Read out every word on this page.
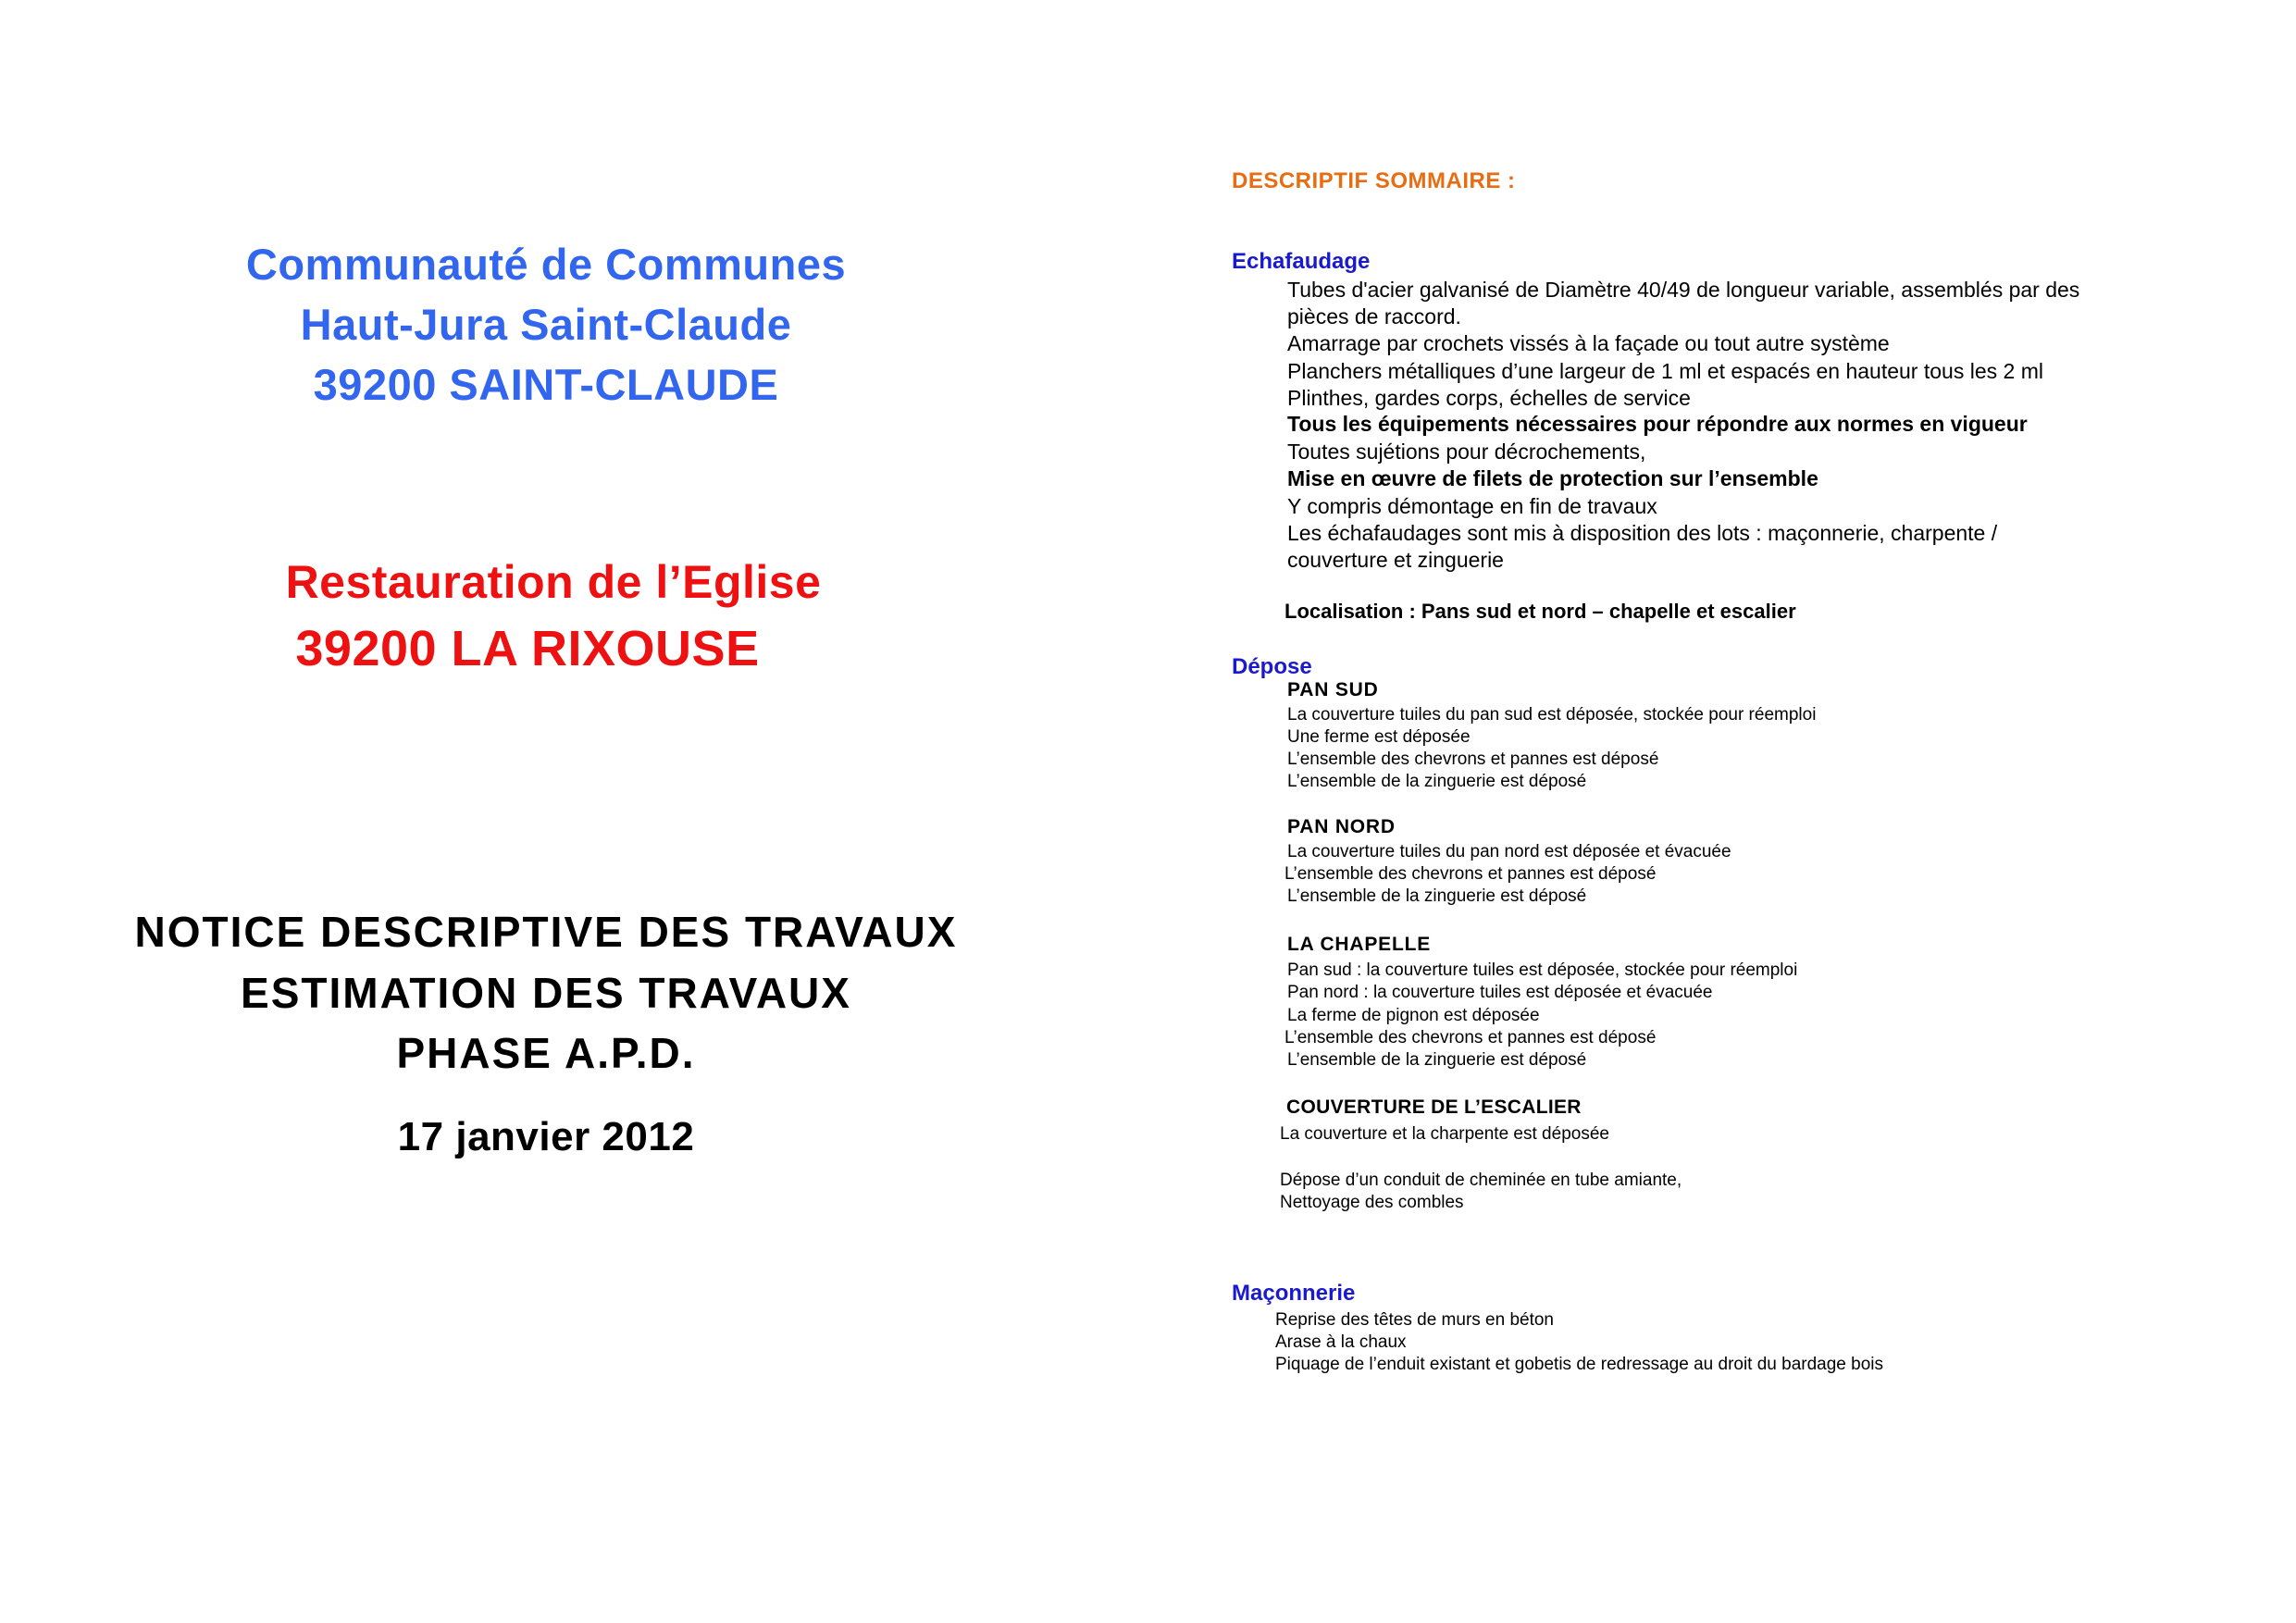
Communauté de Communes
Haut-Jura Saint-Claude
39200 SAINT-CLAUDE
Restauration de l’Eglise
39200 LA RIXOUSE
NOTICE DESCRIPTIVE DES TRAVAUX
ESTIMATION DES TRAVAUX
PHASE A.P.D.
17 janvier 2012
DESCRIPTIF SOMMAIRE :
Echafaudage
Tubes d'acier galvanisé de Diamètre 40/49 de longueur variable, assemblés par des
pièces de raccord.
Amarrage par crochets vissés à la façade ou tout autre système
Planchers métalliques d’une largeur de 1 ml et espacés en hauteur tous les 2 ml
Plinthes, gardes corps, échelles de service
Tous les équipements nécessaires pour répondre aux normes en vigueur
Toutes sujétions pour décrochements,
Mise en œuvre de filets de protection sur l’ensemble
Y compris démontage en fin de travaux
Les échafaudages sont mis à disposition des lots : maçonnerie, charpente /
couverture et zinguerie
Localisation : Pans sud et nord – chapelle et escalier
Dépose
PAN SUD
La couverture tuiles du pan sud est déposée, stockée pour réemploi
Une ferme est déposée
L’ensemble des chevrons et pannes est déposé
L’ensemble de la zinguerie est déposé
PAN NORD
La couverture tuiles du pan nord est déposée et évacuée
L’ensemble des chevrons et pannes est déposé
L’ensemble de la zinguerie est déposé
LA CHAPELLE
Pan sud : la couverture tuiles est déposée, stockée pour réemploi
Pan nord : la couverture tuiles est déposée et évacuée
La ferme de pignon est déposée
L’ensemble des chevrons et pannes est déposé
L’ensemble de la zinguerie est déposé
COUVERTURE DE L’ESCALIER
La couverture et la charpente est déposée
Dépose d’un conduit de cheminée en tube amiante,
Nettoyage des combles
Maçonnerie
Reprise des têtes de murs en béton
Arase à la chaux
Piquage de l’enduit existant et gobetis de redressage au droit du bardage bois
